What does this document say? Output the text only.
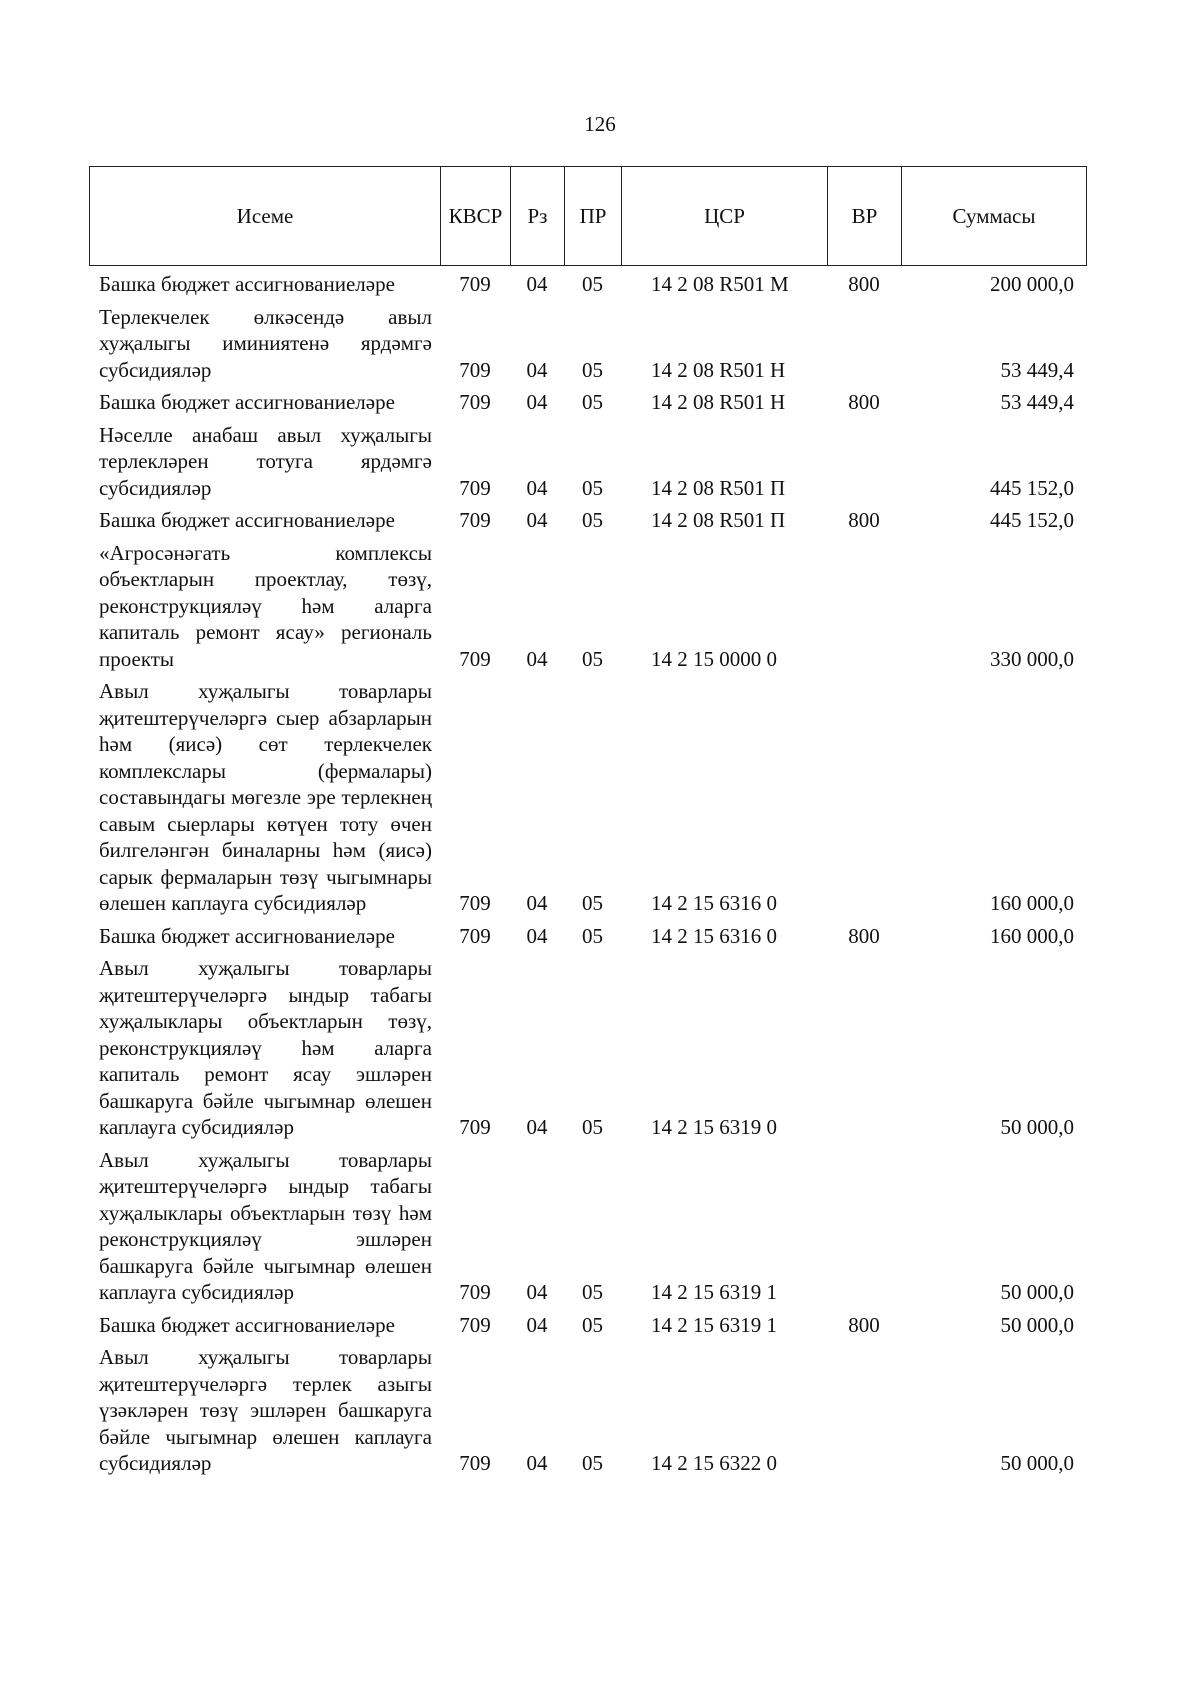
126
Исеме	КВСР	Рз	ПР	ЦСР	ВР	Суммасы
Башка бюджет ассигнованиеләре	709	04	05	14 2 08 R501 М	800	200 000,0

Терлекчелек өлкәсендә авыл хуҗалыгы иминиятенә ярдәмгә субсидияләр	709	04	05	14 2 08 R501 Н		53 449,4

Башка бюджет ассигнованиеләре	709	04	05	14 2 08 R501 Н	800	53 449,4

Нәселле анабаш авыл хуҗалыгы терлекләрен тотуга ярдәмгә субсидияләр	709	04	05	14 2 08 R501 П		445 152,0

Башка бюджет ассигнованиеләре	709	04	05	14 2 08 R501 П	800	445 152,0

«Агросәнәгать комплексы объектларын проектлау, төзү, реконструкцияләү һәм аларга капиталь ремонт ясау» региональ проекты	709	04	05	14 2 15 0000 0		330 000,0

Авыл хуҗалыгы товарлары җитештерүчеләргә сыер абзарларын һәм (яисә) сөт терлекчелек комплекслары (фермалары) составындагы мөгезле эре терлекнең савым сыерлары көтүен тоту өчен билгеләнгән биналарны һәм (яисә) сарык фермаларын төзү чыгымнары өлешен каплауга субсидияләр	709	04	05	14 2 15 6316 0		160 000,0

Башка бюджет ассигнованиеләре	709	04	05	14 2 15 6316 0	800	160 000,0

Авыл хуҗалыгы товарлары җитештерүчеләргә ындыр табагы хуҗалыклары объектларын төзү, реконструкцияләү һәм аларга капиталь ремонт ясау эшләрен башкаруга бәйле чыгымнар өлешен каплауга субсидияләр	709	04	05	14 2 15 6319 0		50 000,0

Авыл хуҗалыгы товарлары җитештерүчеләргә ындыр табагы хуҗалыклары объектларын төзү һәм реконструкцияләү эшләрен башкаруга бәйле чыгымнар өлешен каплауга субсидияләр	709	04	05	14 2 15 6319 1		50 000,0

Башка бюджет ассигнованиеләре	709	04	05	14 2 15 6319 1	800	50 000,0

Авыл хуҗалыгы товарлары җитештерүчеләргә терлек азыгы үзәкләрен төзү эшләрен башкаруга бәйле чыгымнар өлешен каплауга субсидияләр	709	04	05	14 2 15 6322 0		50 000,0
